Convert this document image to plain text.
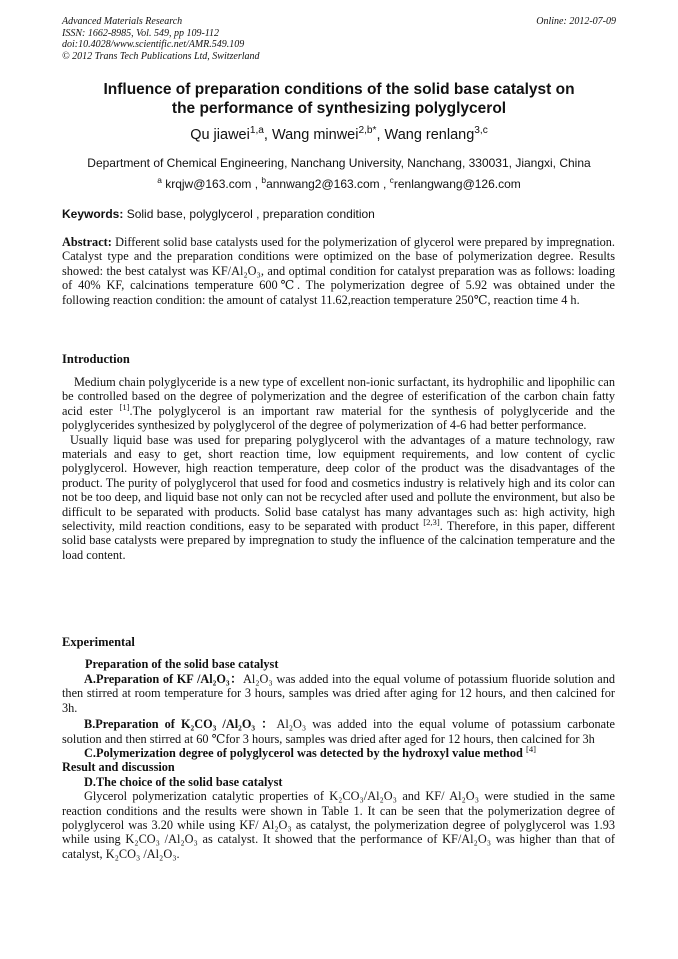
Advanced Materials Research
ISSN: 1662-8985, Vol. 549, pp 109-112
doi:10.4028/www.scientific.net/AMR.549.109
© 2012 Trans Tech Publications Ltd, Switzerland
Online: 2012-07-09
Influence of preparation conditions of the solid base catalyst on
the performance of synthesizing polyglycerol
Qu jiawei$^{1,a}$, Wang minwei$^{2,b*}$, Wang renlang$^{3,c}$
Department of Chemical Engineering, Nanchang University, Nanchang, 330031, Jiangxi, China
$^a$ krqjw@163.com , $^b$annwang2@163.com , $^c$renlangwang@126.com
Keywords: Solid base, polyglycerol , preparation condition

Abstract: Different solid base catalysts used for the polymerization of glycerol were prepared by impregnation. Catalyst type and the preparation conditions were optimized on the base of polymerization degree. Results showed: the best catalyst was KF/Al₂O₃, and optimal condition for catalyst preparation was as follows: loading of 40% KF, calcinations temperature 600℃. The polymerization degree of 5.92 was obtained under the following reaction condition: the amount of catalyst 11.62,reaction temperature 250℃, reaction time 4 h.

Introduction

Medium chain polyglyceride is a new type of excellent non-ionic surfactant, its hydrophilic and lipophilic can be controlled based on the degree of polymerization and the degree of esterification of the carbon chain fatty acid ester [1].The polyglycerol is an important raw material for the synthesis of polyglyceride and the polyglycerides synthesized by polyglycerol of the degree of polymerization of 4-6 had better performance.

Usually liquid base was used for preparing polyglycerol with the advantages of a mature technology, raw materials and easy to get, short reaction time, low equipment requirements, and low content of cyclic polyglycerol. However, high reaction temperature, deep color of the product was the disadvantages of the product. The purity of polyglycerol that used for food and cosmetics industry is relatively high and its color can not be too deep, and liquid base not only can not be recycled after used and pollute the environment, but also be difficult to be separated with products. Solid base catalyst has many advantages such as: high activity, high selectivity, mild reaction conditions, easy to be separated with product [2,3]. Therefore, in this paper, different solid base catalysts were prepared by impregnation to study the influence of the calcination temperature and the load content.

Experimental
Preparation of the solid base catalyst

A.Preparation of KF /Al₂O₃：Al₂O₃ was added into the equal volume of potassium fluoride solution and then stirred at room temperature for 3 hours, samples was dried after aging for 12 hours, and then calcined for 3h.

B.Preparation of K₂CO₃ /Al₂O₃ ：Al₂O₃ was added into the equal volume of potassium carbonate solution and then stirred at 60 ℃for 3 hours, samples was dried after aged for 12 hours, then calcined for 3h

C.Polymerization degree of polyglycerol was detected by the hydroxyl value method [4]

Result and discussion

D.The choice of the solid base catalyst

Glycerol polymerization catalytic properties of K₂CO₃/Al₂O₃ and KF/ Al₂O₃ were studied in the same reaction conditions and the results were shown in Table 1. It can be seen that the polymerization degree of polyglycerol was 3.20 while using KF/ Al₂O₃ as catalyst, the polymerization degree of polyglycerol was 1.93 while using K₂CO₃ /Al₂O₃ as catalyst. It showed that the performance of KF/Al₂O₃ was higher than that of catalyst, K₂CO₃ /Al₂O₃.
